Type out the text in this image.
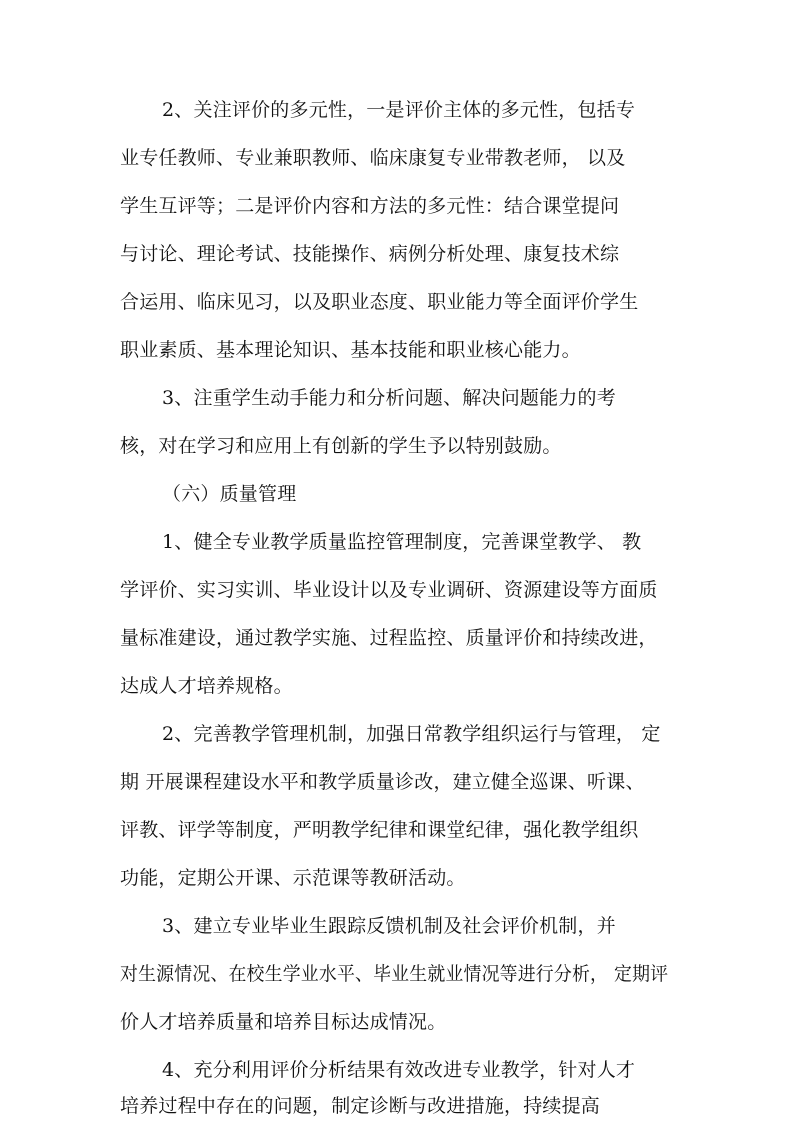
2、关注评价的多元性，一是评价主体的多元性，包括专
业专任教师、专业兼职教师、临床康复专业带教老师， 以及
学生互评等；二是评价内容和方法的多元性：结合课堂提问
与讨论、理论考试、技能操作、病例分析处理、康复技术综
合运用、临床见习，以及职业态度、职业能力等全面评价学生
职业素质、基本理论知识、基本技能和职业核心能力。
3、注重学生动手能力和分析问题、解决问题能力的考
核，对在学习和应用上有创新的学生予以特别鼓励。
（六）质量管理
1、健全专业教学质量监控管理制度，完善课堂教学、 教
学评价、实习实训、毕业设计以及专业调研、资源建设等方面质
量标准建设，通过教学实施、过程监控、质量评价和持续改进，
达成人才培养规格。
2、完善教学管理机制，加强日常教学组织运行与管理， 定
期 开展课程建设水平和教学质量诊改，建立健全巡课、听课、
评教、评学等制度，严明教学纪律和课堂纪律，强化教学组织
功能，定期公开课、示范课等教研活动。
3、建立专业毕业生跟踪反馈机制及社会评价机制，并
对生源情况、在校生学业水平、毕业生就业情况等进行分析， 定期评
价人才培养质量和培养目标达成情况。
4、充分利用评价分析结果有效改进专业教学，针对人才
培养过程中存在的问题，制定诊断与改进措施，持续提高
